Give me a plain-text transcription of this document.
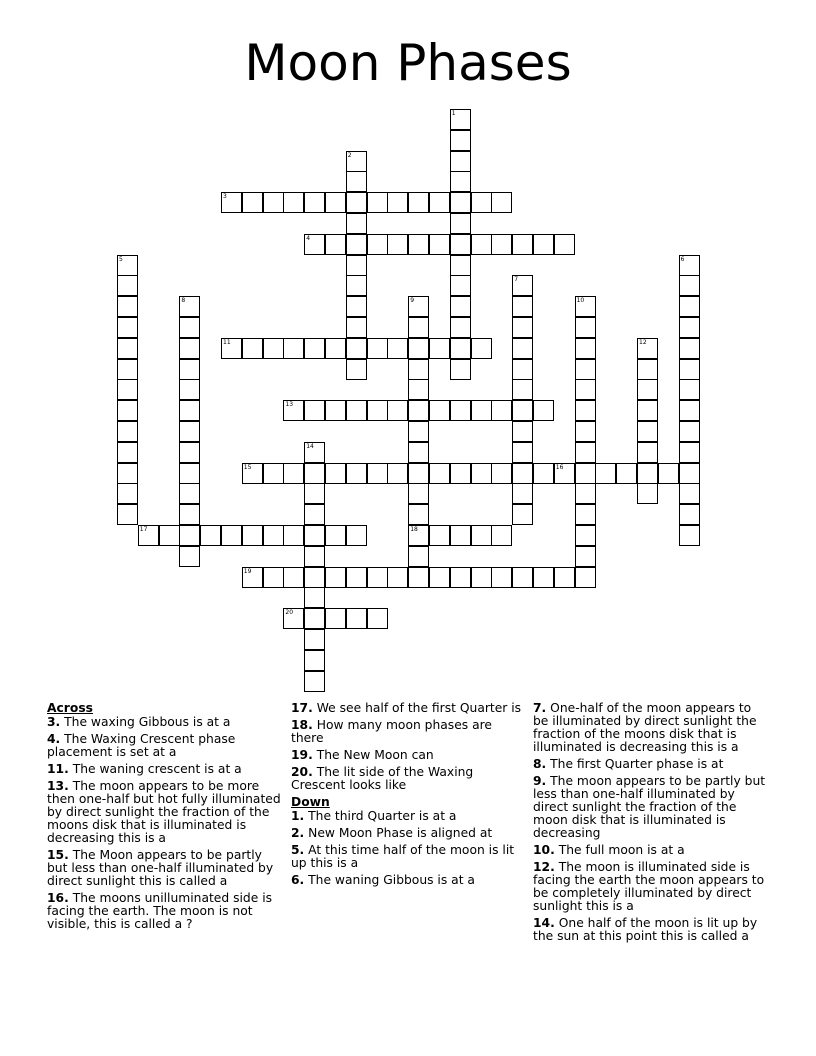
Moon Phases
1
2
3
4
5	6
7
8	9
18
10
11	12
13
14
15	16
17
19
20
Across
3. The waxing Gibbous is at a
4. The Waxing Crescent phase placement is set at a
11. The waning crescent is at a
13. The moon appears to be more then one-half but hot fully illuminated by direct sunlight the fraction of the moons disk that is illuminated is decreasing this is a
15. The Moon appears to be partly but less than one-half illuminated by direct sunlight this is called a
16. The moons unilluminated side is facing the earth. The moon is not visible, this is called a ?
17. We see half of the first Quarter is
18. How many moon phases are there
19. The New Moon can
20. The lit side of the Waxing Crescent looks like
Down
1. The third Quarter is at a
2. New Moon Phase is aligned at
5. At this time half of the moon is lit up this is a
6. The waning Gibbous is at a
7. One-half of the moon appears to be illuminated by direct sunlight the fraction of the moons disk that is illuminated is decreasing this is a
8. The first Quarter phase is at
9. The moon appears to be partly but less than one-half illuminated by direct sunlight the fraction of the moon disk that is illuminated is decreasing
10. The full moon is at a
12. The moon is illuminated side is facing the earth the moon appears to be completely illuminated by direct sunlight this is a
14. One half of the moon is lit up by the sun at this point this is called a
